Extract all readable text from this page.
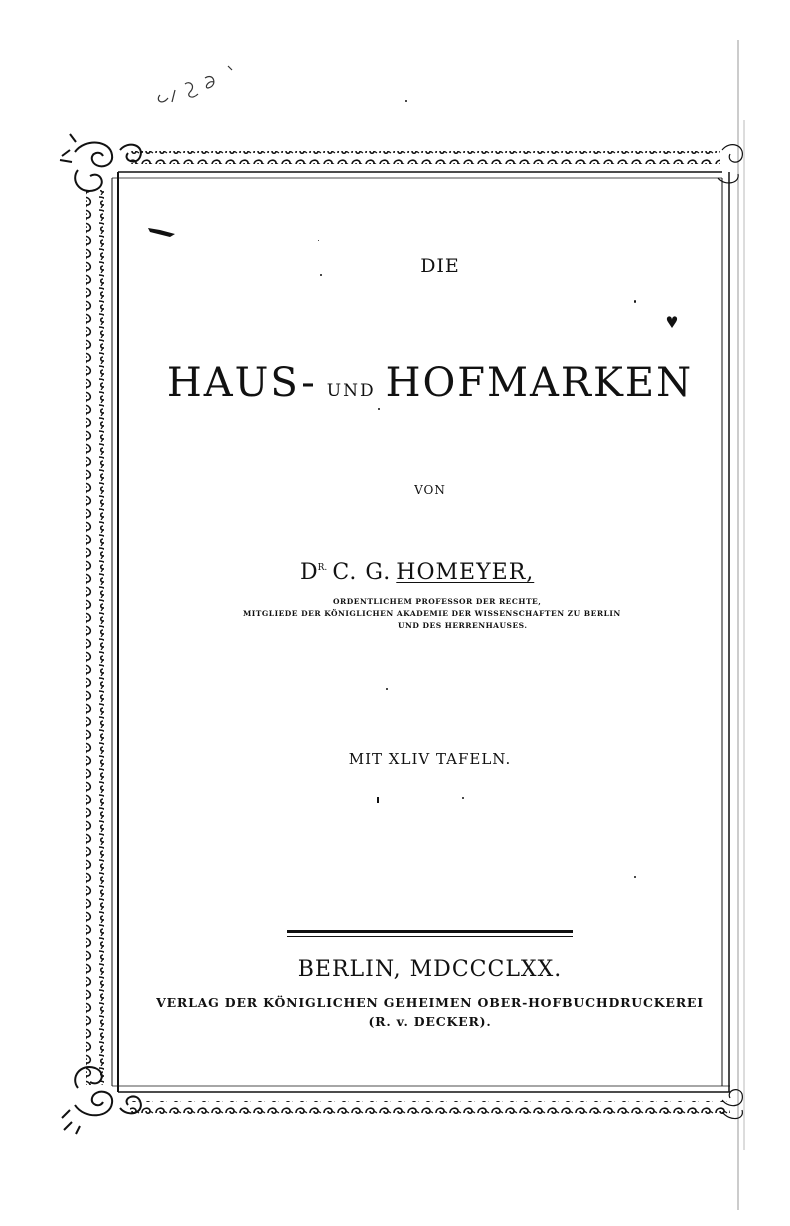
DIE
HAUS- UND HOFMARKEN
VON
$D^{R.}$ C. G. HOMEYER,
ORDENTLICHEM PROFESSOR DER RECHTE,
MITGLIEDE DER KÖNIGLICHEN AKADEMIE DER WISSENSCHAFTEN ZU BERLIN
UND DES HERRENHAUSES.
MIT XLIV TAFELN.
BERLIN, MDCCCLXX.
VERLAG DER KÖNIGLICHEN GEHEIMEN OBER-HOFBUCHDRUCKEREI
(R. v. DECKER).
